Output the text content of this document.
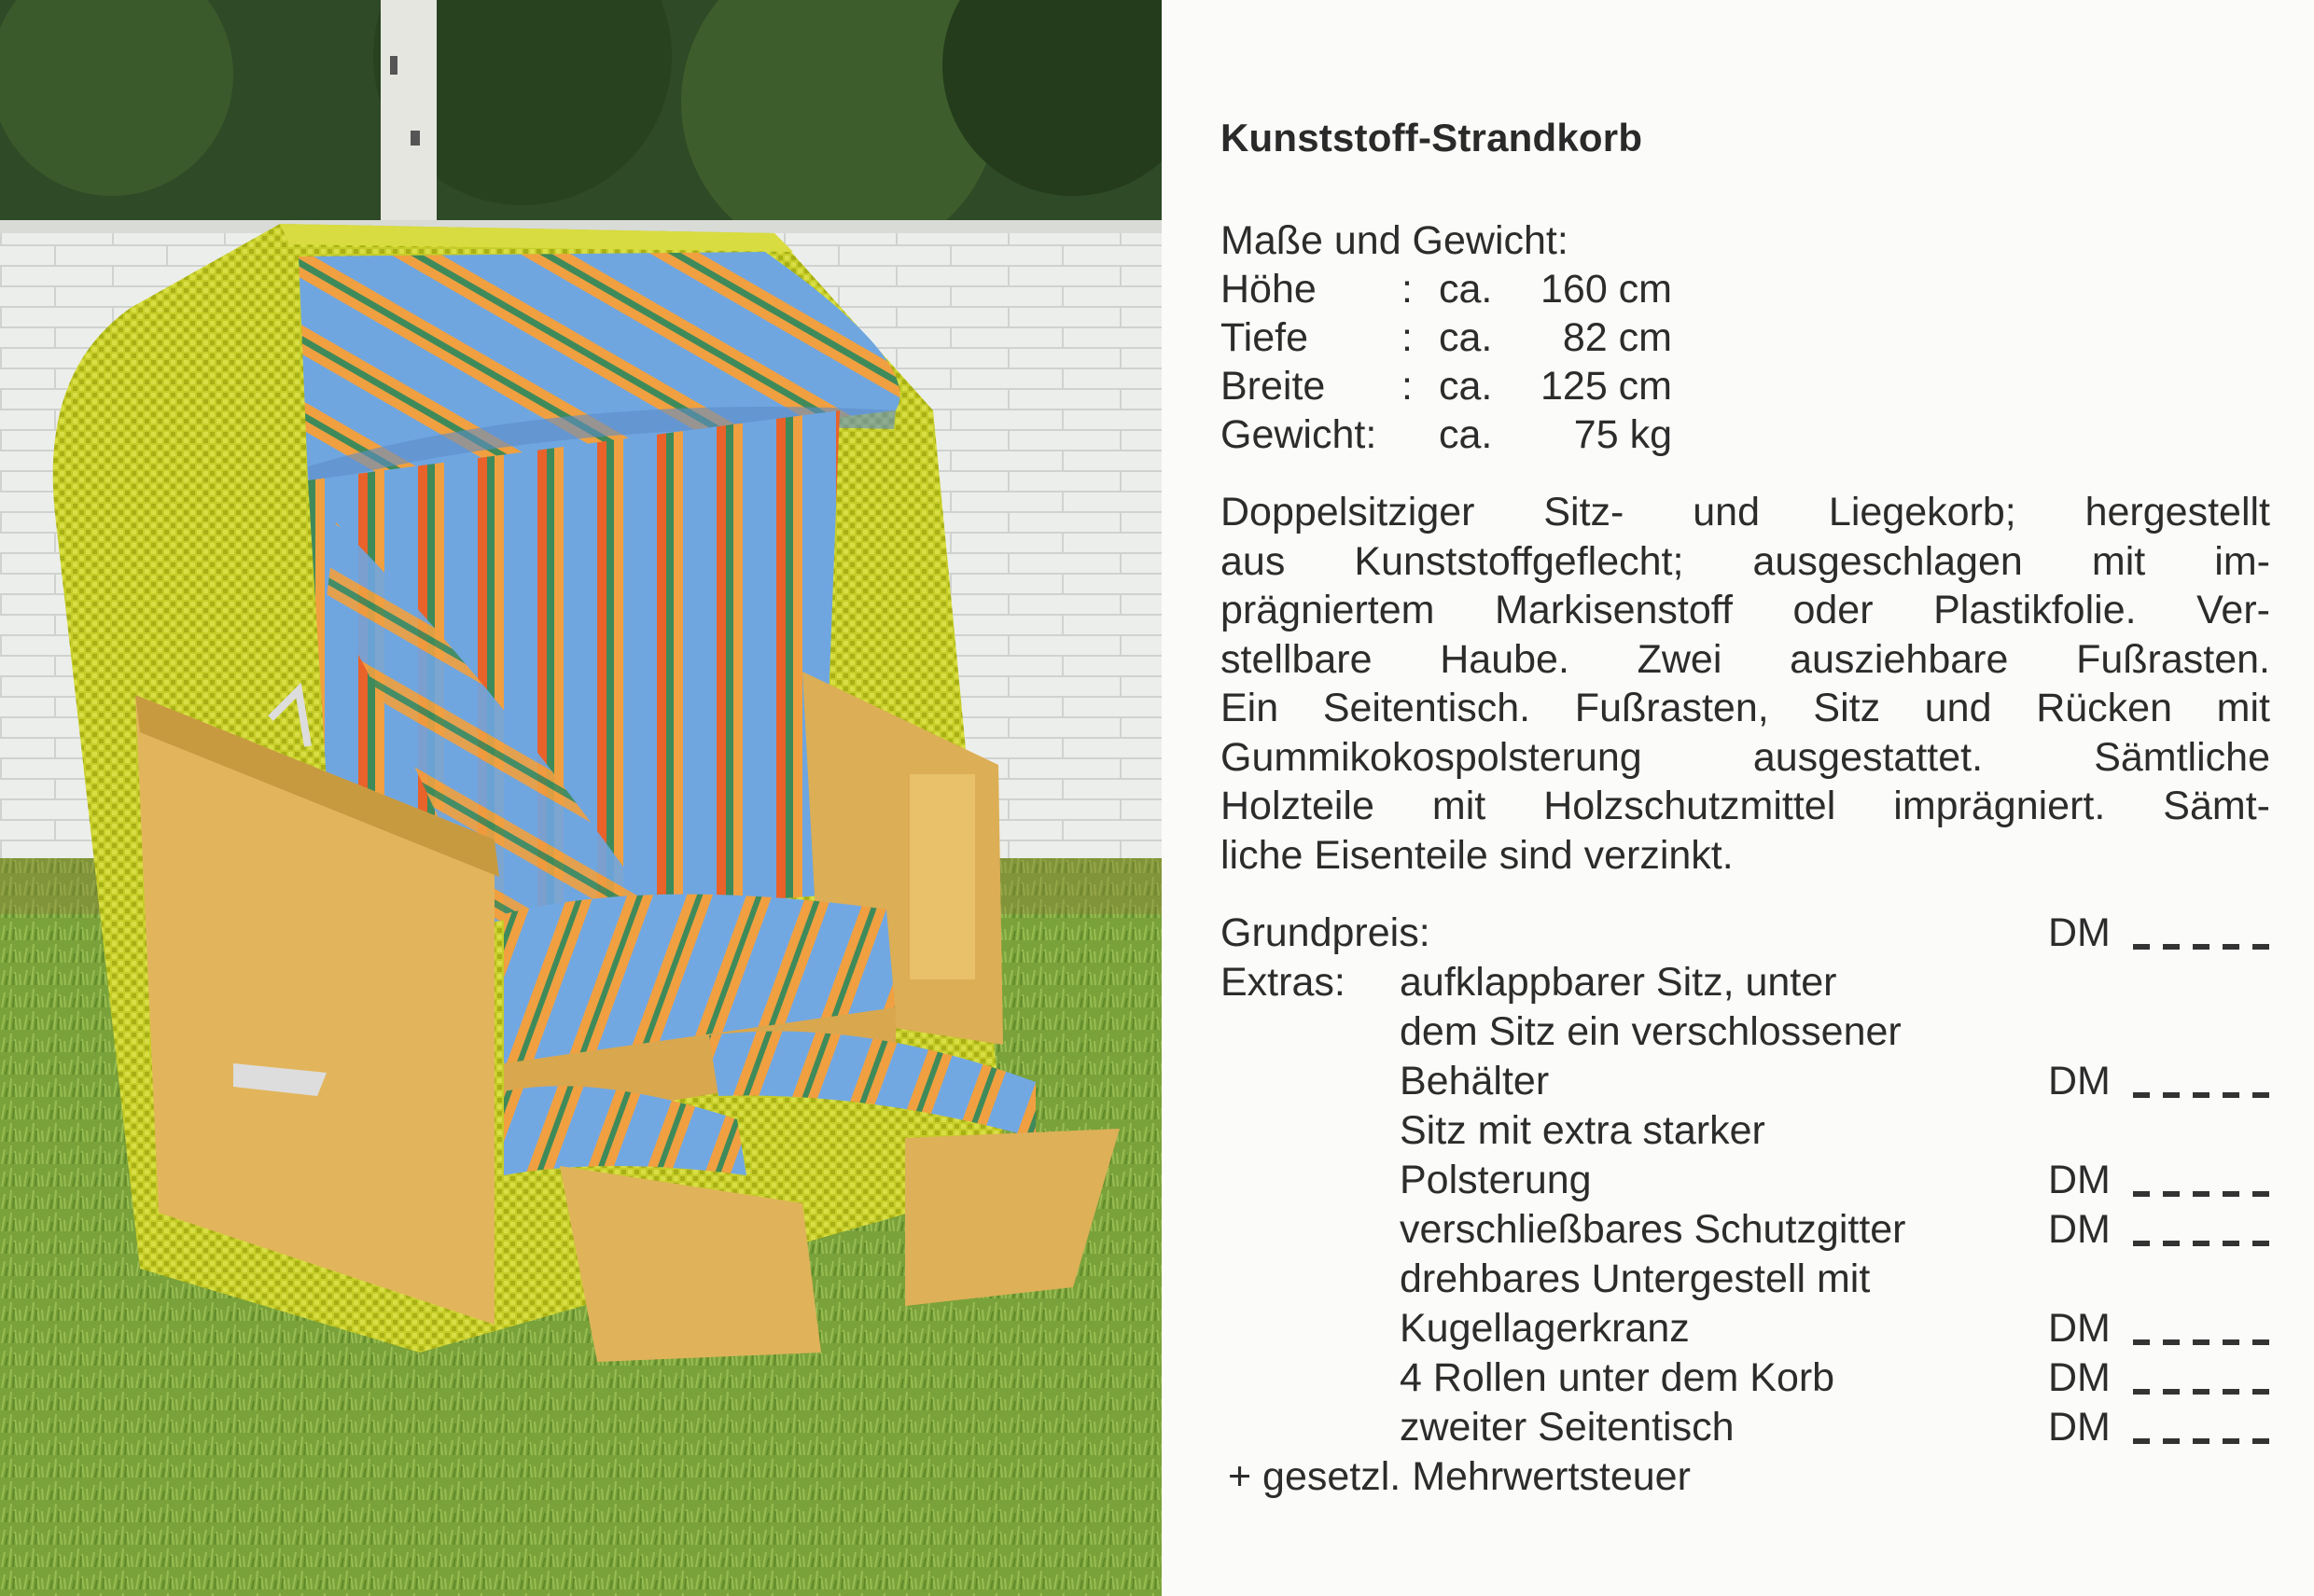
Kunststoff-Strandkorb
Maße und Gewicht:
Höhe : ca. 160 cm
Tiefe : ca.	82 cm
Breite : ca. 125 cm
Gewicht: ca.	75 kg
Doppelsitziger Sitz- und Liegekorb; hergestellt
aus Kunststoffgeflecht; ausgeschlagen mit im-
prägniertem Markisenstoff oder Plastikfolie. Ver-
stellbare Haube. Zwei ausziehbare Fußrasten.
Ein Seitentisch. Fußrasten, Sitz und Rücken mit
Gummikokospolsterung ausgestattet. Sämtliche
Holzteile mit Holzschutzmittel imprägniert. Sämt-
liche Eisenteile sind verzinkt.
Grundpreis:	DM
Extras: aufklappbarer Sitz, unter
dem Sitz ein verschlossener
Behälter	DM
Sitz mit extra starker
Polsterung	DM
verschließbares Schutzgitter	DM
drehbares Untergestell mit
Kugellagerkranz	DM
4 Rollen unter dem Korb	DM
zweiter Seitentisch	DM
+ gesetzl. Mehrwertsteuer
